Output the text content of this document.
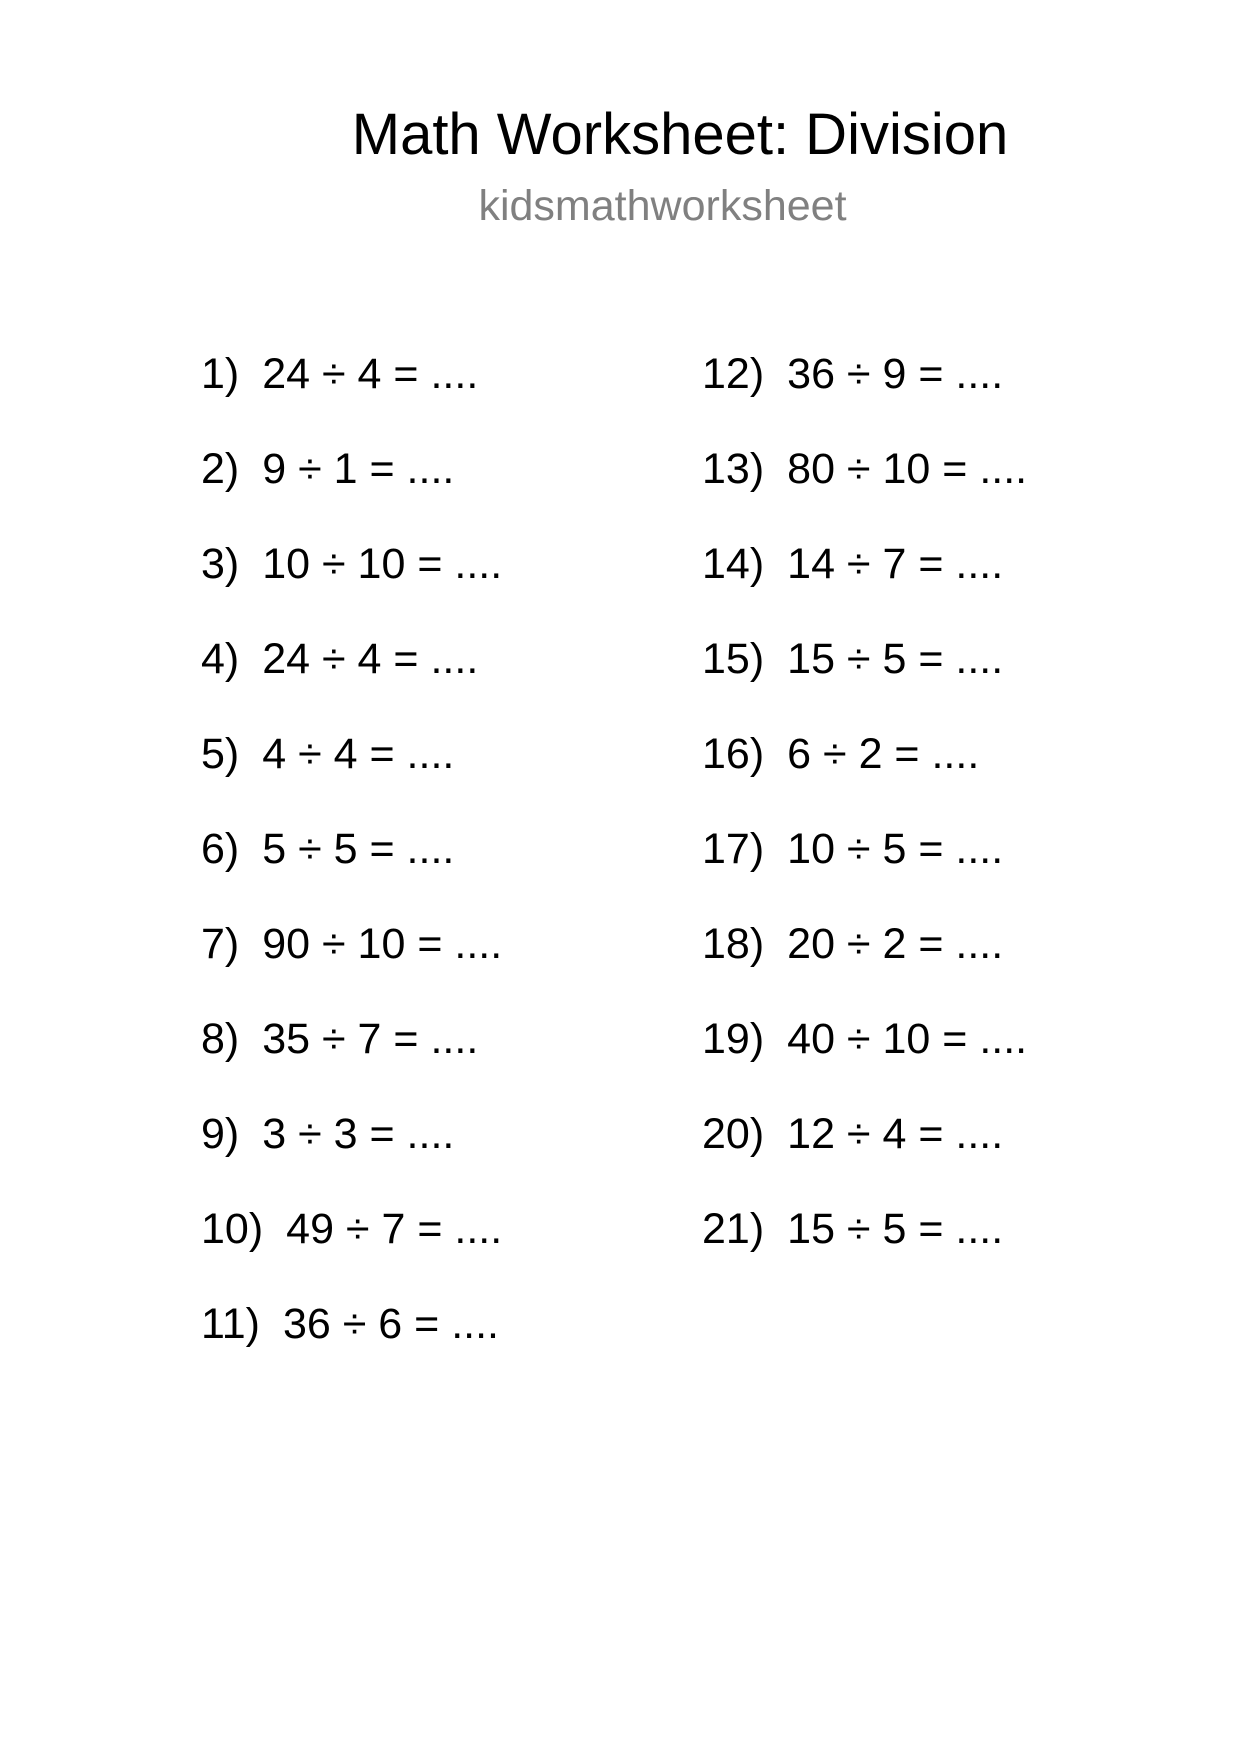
Math Worksheet: Division
kidsmathworksheet
1) 24 ÷ 4 = ....
2) 9 ÷ 1 = ....
3) 10 ÷ 10 = ....
4) 24 ÷ 4 = ....
5) 4 ÷ 4 = ....
6) 5 ÷ 5 = ....
7) 90 ÷ 10 = ....
8) 35 ÷ 7 = ....
9) 3 ÷ 3 = ....
10) 49 ÷ 7 = ....
11) 36 ÷ 6 = ....
12) 36 ÷ 9 = ....
13) 80 ÷ 10 = ....
14) 14 ÷ 7 = ....
15) 15 ÷ 5 = ....
16) 6 ÷ 2 = ....
17) 10 ÷ 5 = ....
18) 20 ÷ 2 = ....
19) 40 ÷ 10 = ....
20) 12 ÷ 4 = ....
21) 15 ÷ 5 = ....
